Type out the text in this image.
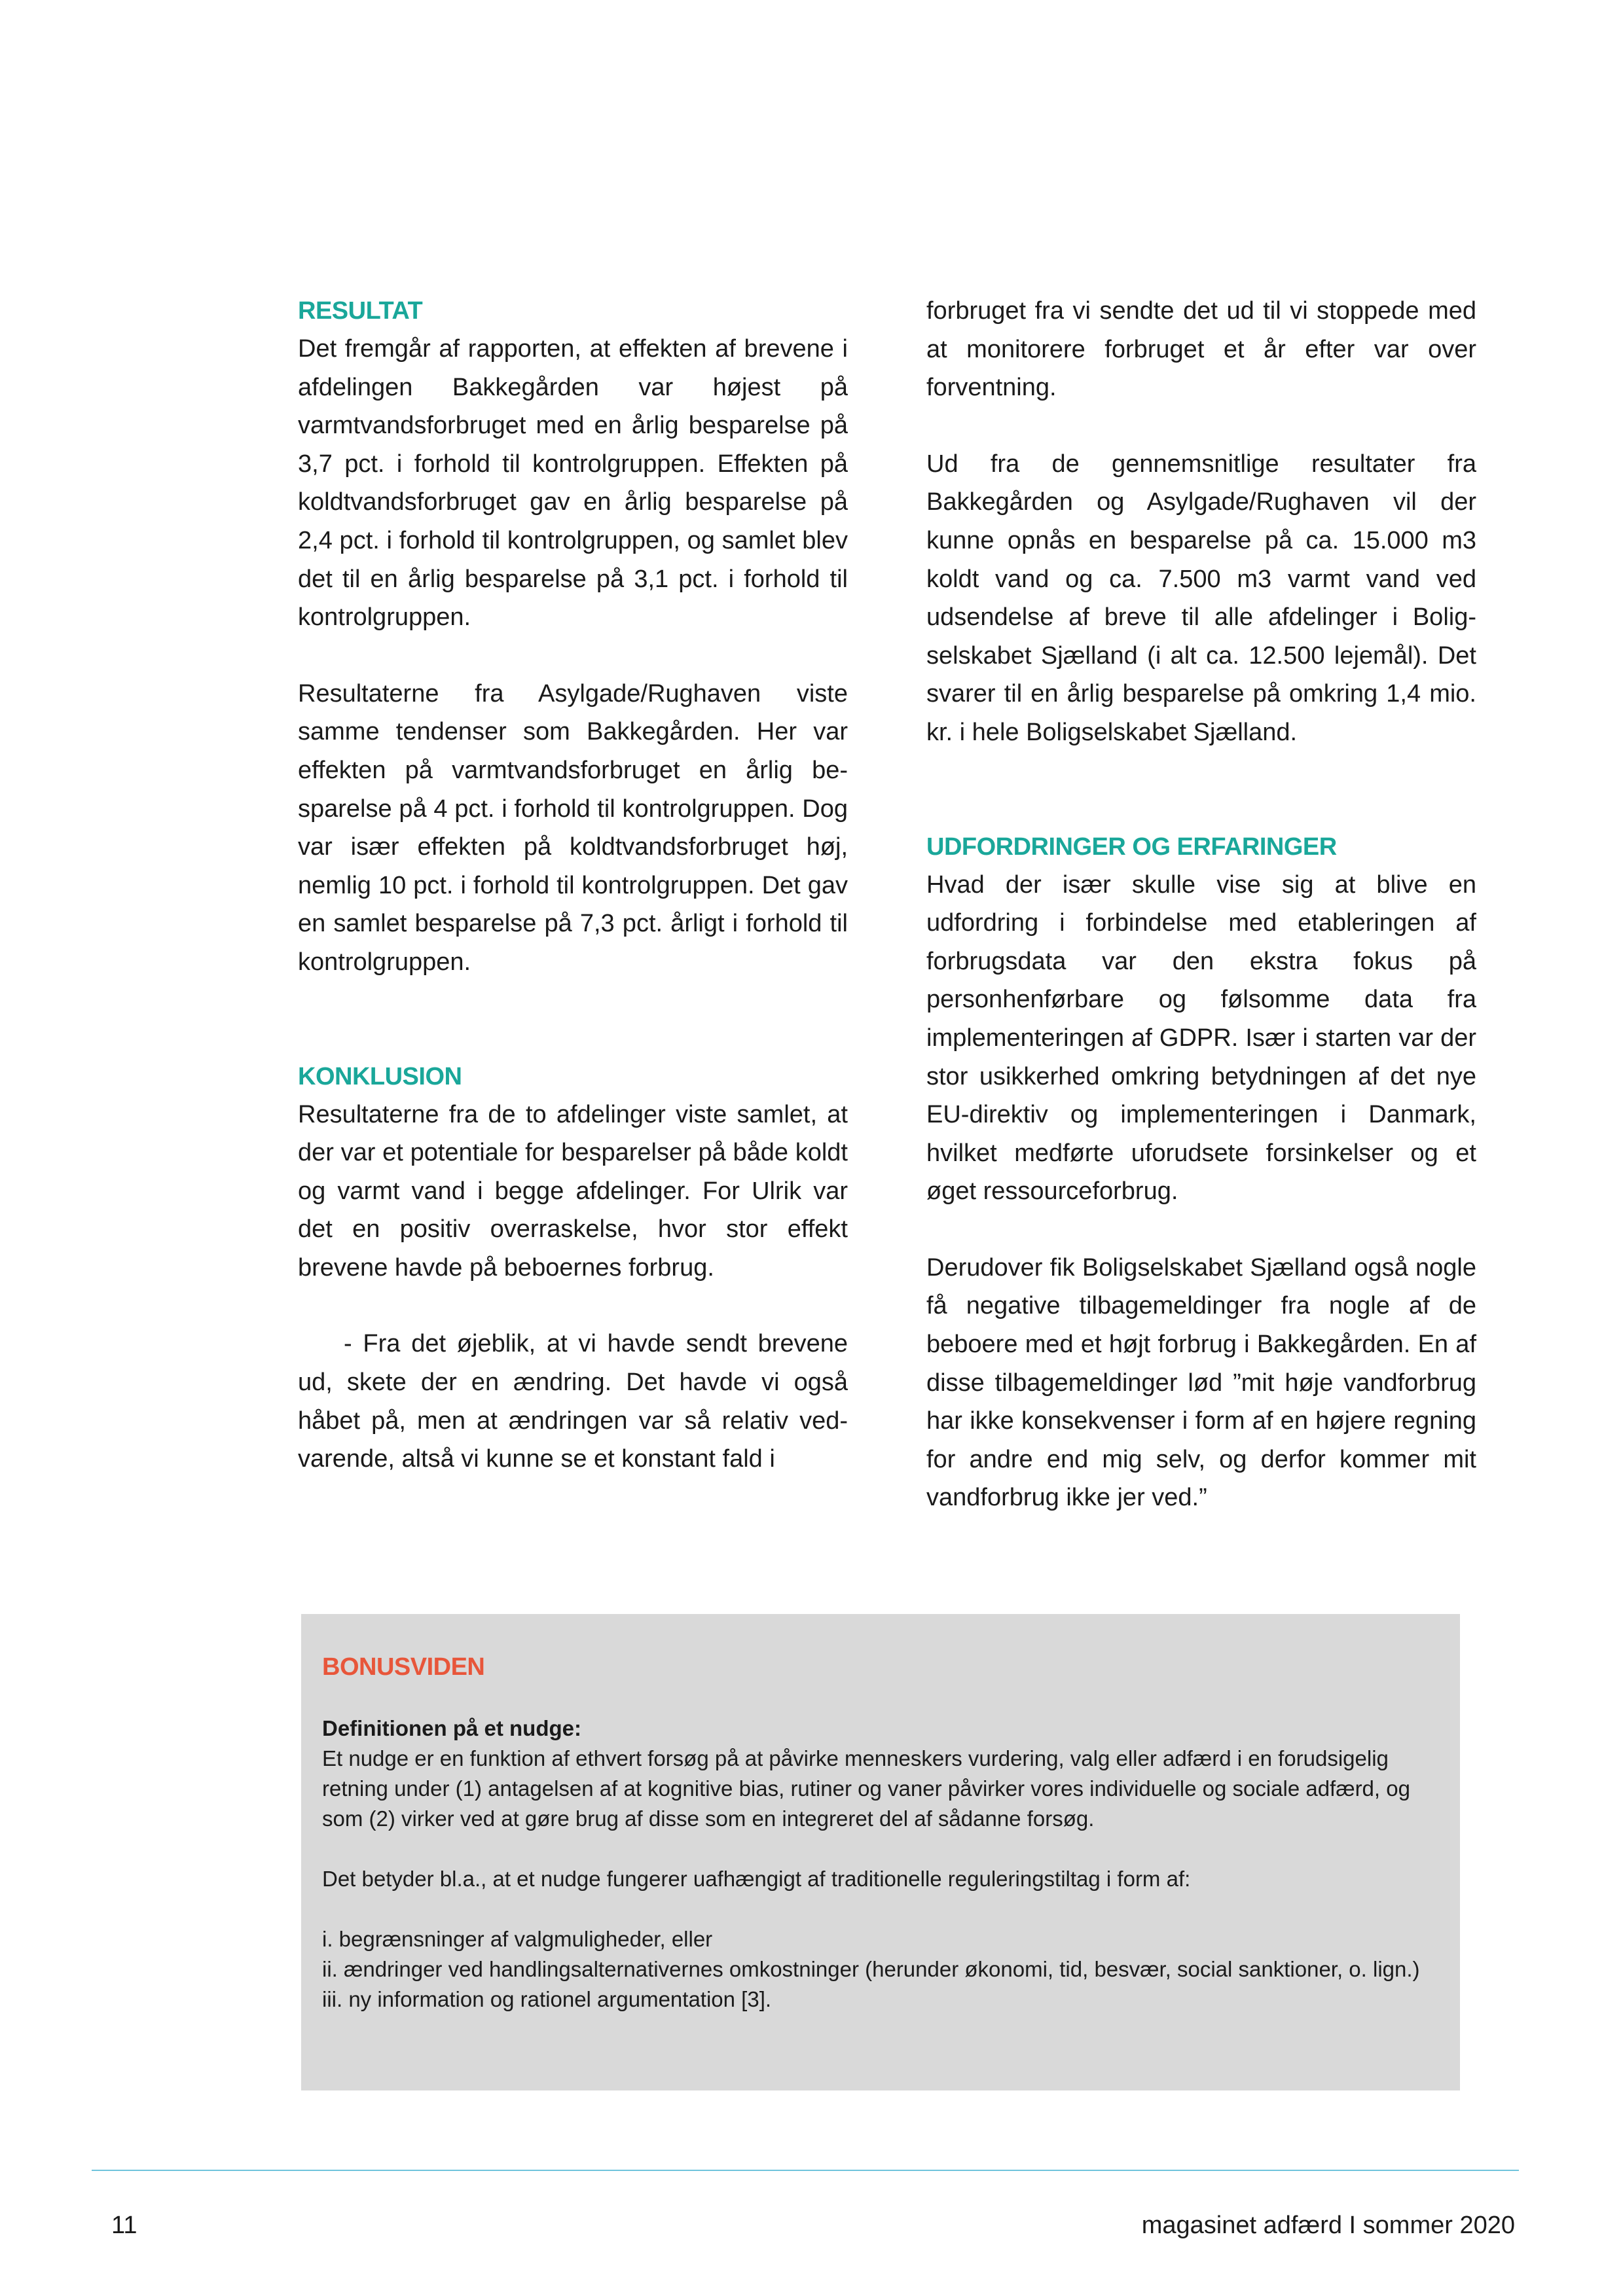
RESULTAT

Det fremgår af rapporten, at effekten af brevene i afdelingen Bakkegården var højest på varmtvandsforbruget med en årlig besparelse på 3,7 pct. i forhold til kontrolgruppen. Effekten på koldtvandsforbruget gav en årlig besparelse på 2,4 pct. i forhold til kontrolgruppen, og samlet blev det til en årlig besparelse på 3,1 pct. i forhold til kontrolgruppen.

Resultaterne fra Asylgade/Rughaven viste samme tendenser som Bakkegården. Her var effekten på varmtvandsforbruget en årlig besparelse på 4 pct. i forhold til kontrolgruppen. Dog var især effekten på koldtvandsforbruget høj, nemlig 10 pct. i forhold til kontrolgruppen. Det gav en samlet besparelse på 7,3 pct. årligt i forhold til kontrolgruppen.

KONKLUSION

Resultaterne fra de to afdelinger viste samlet, at der var et potentiale for besparelser på både koldt og varmt vand i begge afdelinger. For Ulrik var det en positiv overraskelse, hvor stor effekt brevene havde på beboernes forbrug.

- Fra det øjeblik, at vi havde sendt brevene ud, skete der en ændring. Det havde vi også håbet på, men at ændringen var så relativ vedvarende, altså vi kunne se et konstant fald i

forbruget fra vi sendte det ud til vi stoppede med at monitorere forbruget et år efter var over forventning.

Ud fra de gennemsnitlige resultater fra Bakkegården og Asylgade/Rughaven vil der kunne opnås en besparelse på ca. 15.000 m3 koldt vand og ca. 7.500 m3 varmt vand ved udsendelse af breve til alle afdelinger i Boligselskabet Sjælland (i alt ca. 12.500 lejemål). Det svarer til en årlig besparelse på omkring 1,4 mio. kr. i hele Boligselskabet Sjælland.

UDFORDRINGER OG ERFARINGER

Hvad der især skulle vise sig at blive en udfordring i forbindelse med etableringen af forbrugsdata var den ekstra fokus på personhenførbare og følsomme data fra implementeringen af GDPR. Især i starten var der stor usikkerhed omkring betydningen af det nye EU-direktiv og implementeringen i Danmark, hvilket medførte uforudsete forsinkelser og et øget ressourceforbrug.

Derudover fik Boligselskabet Sjælland også nogle få negative tilbagemeldinger fra nogle af de beboere med et højt forbrug i Bakkegården. En af disse tilbagemeldinger lød ”mit høje vandforbrug har ikke konsekvenser i form af en højere regning for andre end mig selv, og derfor kommer mit vandforbrug ikke jer ved.”

BONUSVIDEN

Definitionen på et nudge:

Et nudge er en funktion af ethvert forsøg på at påvirke menneskers vurdering, valg eller adfærd i en forudsigelig retning under (1) antagelsen af at kognitive bias, rutiner og vaner påvirker vores individuelle og sociale adfærd, og som (2) virker ved at gøre brug af disse som en integreret del af sådanne forsøg.

Det betyder bl.a., at et nudge fungerer uafhængigt af traditionelle reguleringstiltag i form af:

i. begrænsninger af valgmuligheder, eller
ii. ændringer ved handlingsalternativernes omkostninger (herunder økonomi, tid, besvær, social sanktioner, o. lign.)
iii. ny information og rationel argumentation [3].
11	magasinet adfærd I sommer 2020
